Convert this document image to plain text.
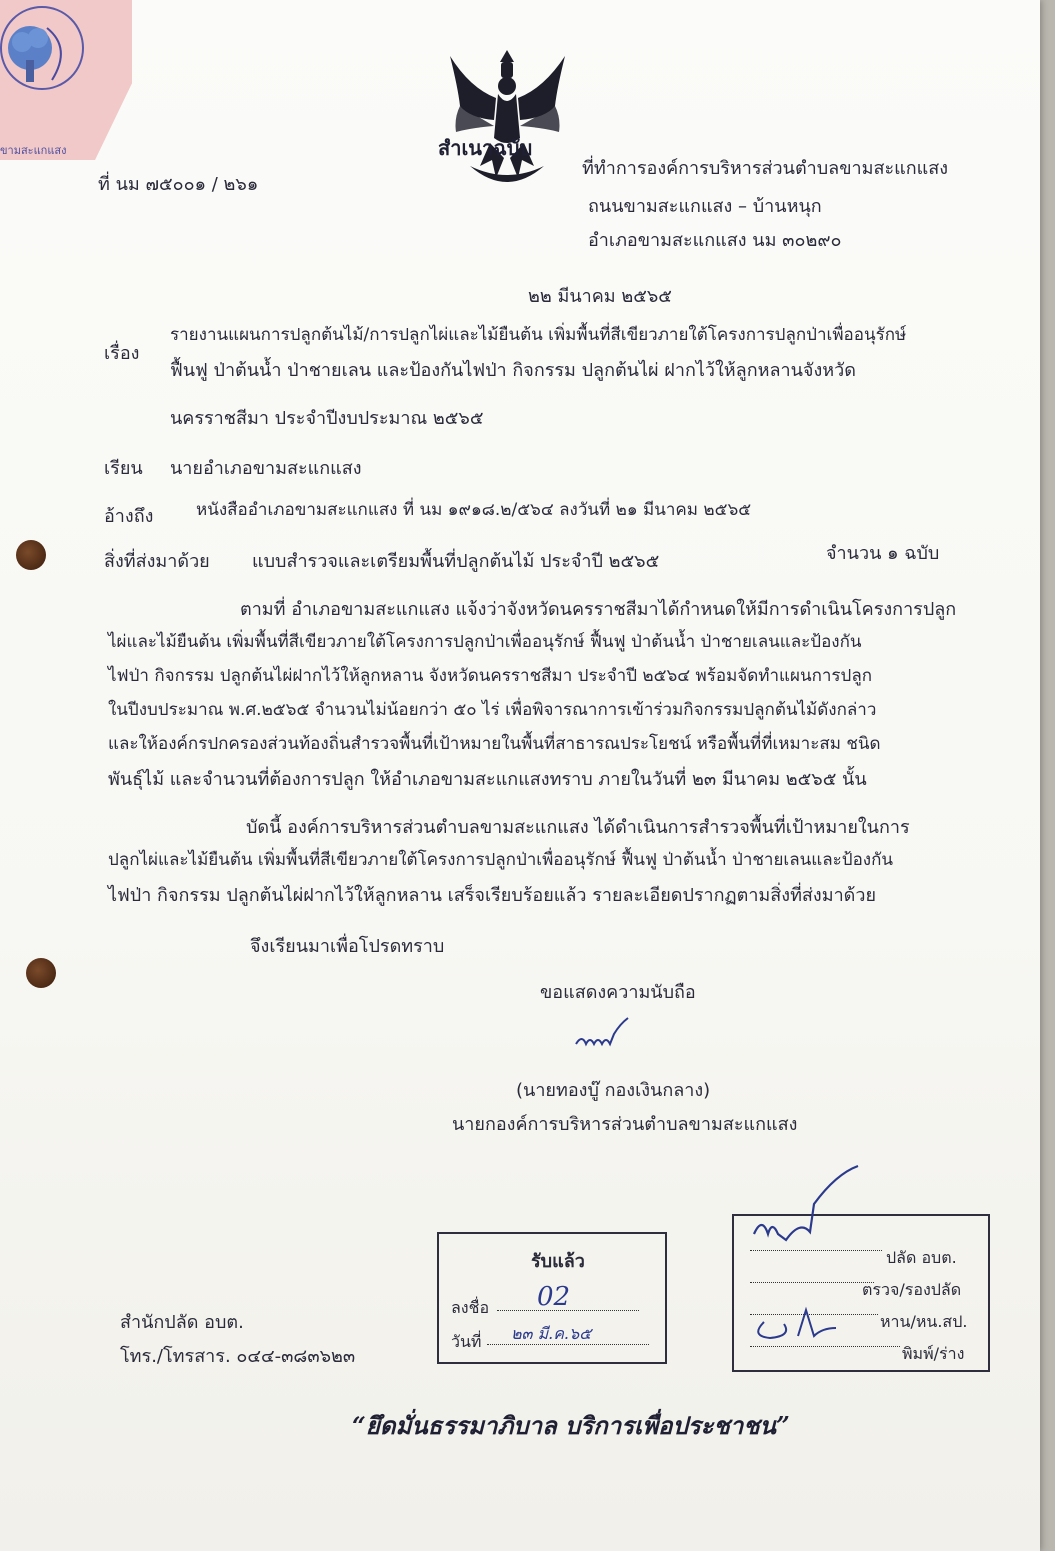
ขามสะแกแสง	สำเนาฉบับ
ที่ นม ๗๕๐๐๑ / ๒๖๑
ที่ทำการองค์การบริหารส่วนตำบลขามสะแกแสง
ถนนขามสะแกแสง – บ้านหนุก
อำเภอขามสะแกแสง นม ๓๐๒๙๐
๒๒ มีนาคม ๒๕๖๕
เรื่อง
รายงานแผนการปลูกต้นไม้/การปลูกไผ่และไม้ยืนต้น เพิ่มพื้นที่สีเขียวภายใต้โครงการปลูกป่าเพื่ออนุรักษ์
ฟื้นฟู ป่าต้นน้ำ ป่าชายเลน และป้องกันไฟป่า กิจกรรม ปลูกต้นไผ่ ฝากไว้ให้ลูกหลานจังหวัด
นครราชสีมา ประจำปีงบประมาณ ๒๕๖๕
เรียน นายอำเภอขามสะแกแสง
อ้างถึง	หนังสืออำเภอขามสะแกแสง ที่ นม ๑๙๑๘.๒/๕๖๔ ลงวันที่ ๒๑ มีนาคม ๒๕๖๕
สิ่งที่ส่งมาด้วย แบบสำรวจและเตรียมพื้นที่ปลูกต้นไม้ ประจำปี ๒๕๖๕	จำนวน ๑ ฉบับ
ตามที่ อำเภอขามสะแกแสง แจ้งว่าจังหวัดนครราชสีมาได้กำหนดให้มีการดำเนินโครงการปลูก
ไผ่และไม้ยืนต้น เพิ่มพื้นที่สีเขียวภายใต้โครงการปลูกป่าเพื่ออนุรักษ์ ฟื้นฟู ป่าต้นน้ำ ป่าชายเลนและป้องกัน
ไฟป่า กิจกรรม ปลูกต้นไผ่ฝากไว้ให้ลูกหลาน จังหวัดนครราชสีมา ประจำปี ๒๕๖๔ พร้อมจัดทำแผนการปลูก
ในปีงบประมาณ พ.ศ.๒๕๖๕ จำนวนไม่น้อยกว่า ๕๐ ไร่ เพื่อพิจารณาการเข้าร่วมกิจกรรมปลูกต้นไม้ดังกล่าว
และให้องค์กรปกครองส่วนท้องถิ่นสำรวจพื้นที่เป้าหมายในพื้นที่สาธารณประโยชน์ หรือพื้นที่ที่เหมาะสม ชนิด
พันธุ์ไม้ และจำนวนที่ต้องการปลูก ให้อำเภอขามสะแกแสงทราบ ภายในวันที่ ๒๓ มีนาคม ๒๕๖๕ นั้น
บัดนี้ องค์การบริหารส่วนตำบลขามสะแกแสง ได้ดำเนินการสำรวจพื้นที่เป้าหมายในการ
ปลูกไผ่และไม้ยืนต้น เพิ่มพื้นที่สีเขียวภายใต้โครงการปลูกป่าเพื่ออนุรักษ์ ฟื้นฟู ป่าต้นน้ำ ป่าชายเลนและป้องกัน
ไฟป่า กิจกรรม ปลูกต้นไผ่ฝากไว้ให้ลูกหลาน เสร็จเรียบร้อยแล้ว รายละเอียดปรากฏตามสิ่งที่ส่งมาด้วย
จึงเรียนมาเพื่อโปรดทราบ
ขอแสดงความนับถือ
(นายทองบู๊ กองเงินกลาง)
นายกองค์การบริหารส่วนตำบลขามสะแกแสง
รับแล้ว
ลงชื่อ 02
วันที่ ๒๓ มี.ค.๖๕
ปลัด อบต.
ตรวจ/รองปลัด
หาน/หน.สป.
พิมพ์/ร่าง
สำนักปลัด อบต.
โทร./โทรสาร. ๐๔๔-๓๘๓๖๒๓
“ยึดมั่นธรรมาภิบาล บริการเพื่อประชาชน”
